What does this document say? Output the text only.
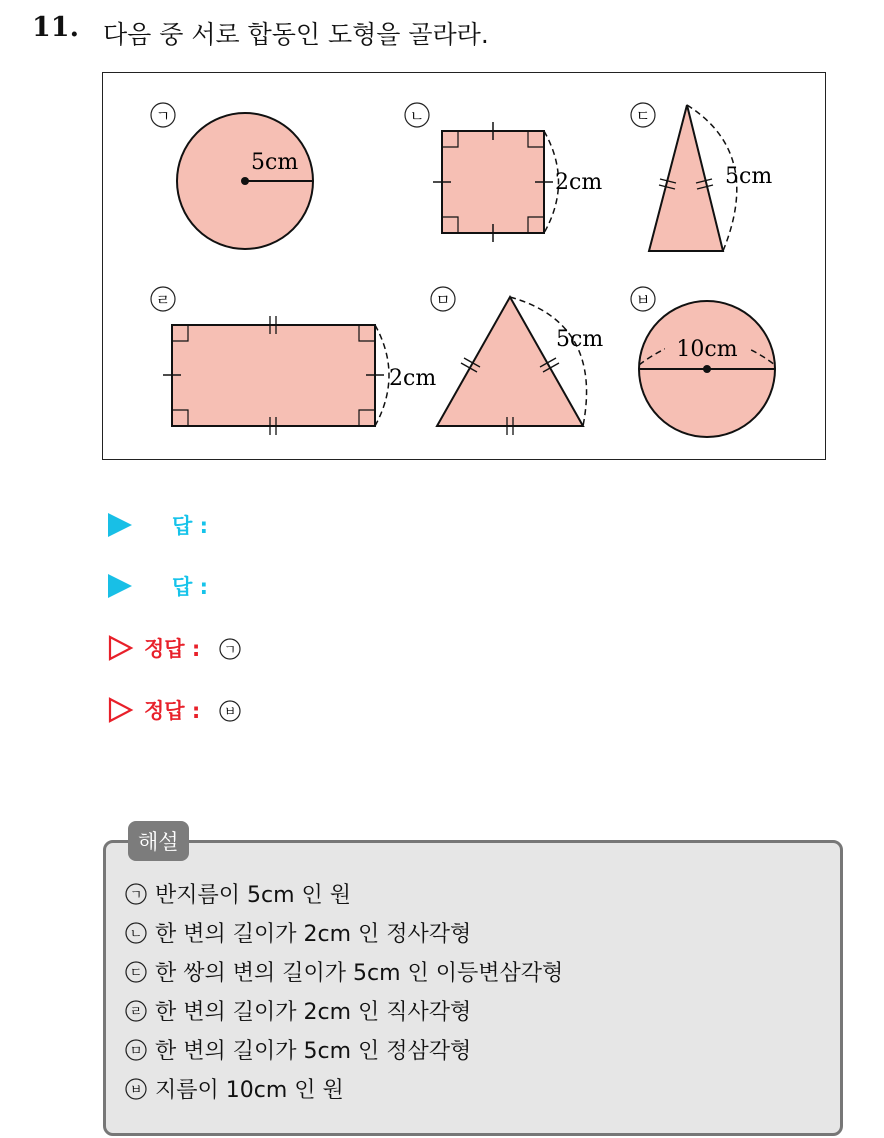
11. 다음 중 서로 합동인 도형을 골라라.
ㄱ
5cm
ㄴ
2cm
ㄷ
5cm
ㄹ
2cm
ㅁ
5cm
ㅂ
10cm
답 :
답 :
정답 : ㄱ
정답 : ㅂ
해설
ㄱ 반지름이 5cm 인 원
ㄴ 한 변의 길이가 2cm 인 정사각형
ㄷ 한 쌍의 변의 길이가 5cm 인 이등변삼각형
ㄹ 한 변의 길이가 2cm 인 직사각형
ㅁ 한 변의 길이가 5cm 인 정삼각형
ㅂ 지름이 10cm 인 원
